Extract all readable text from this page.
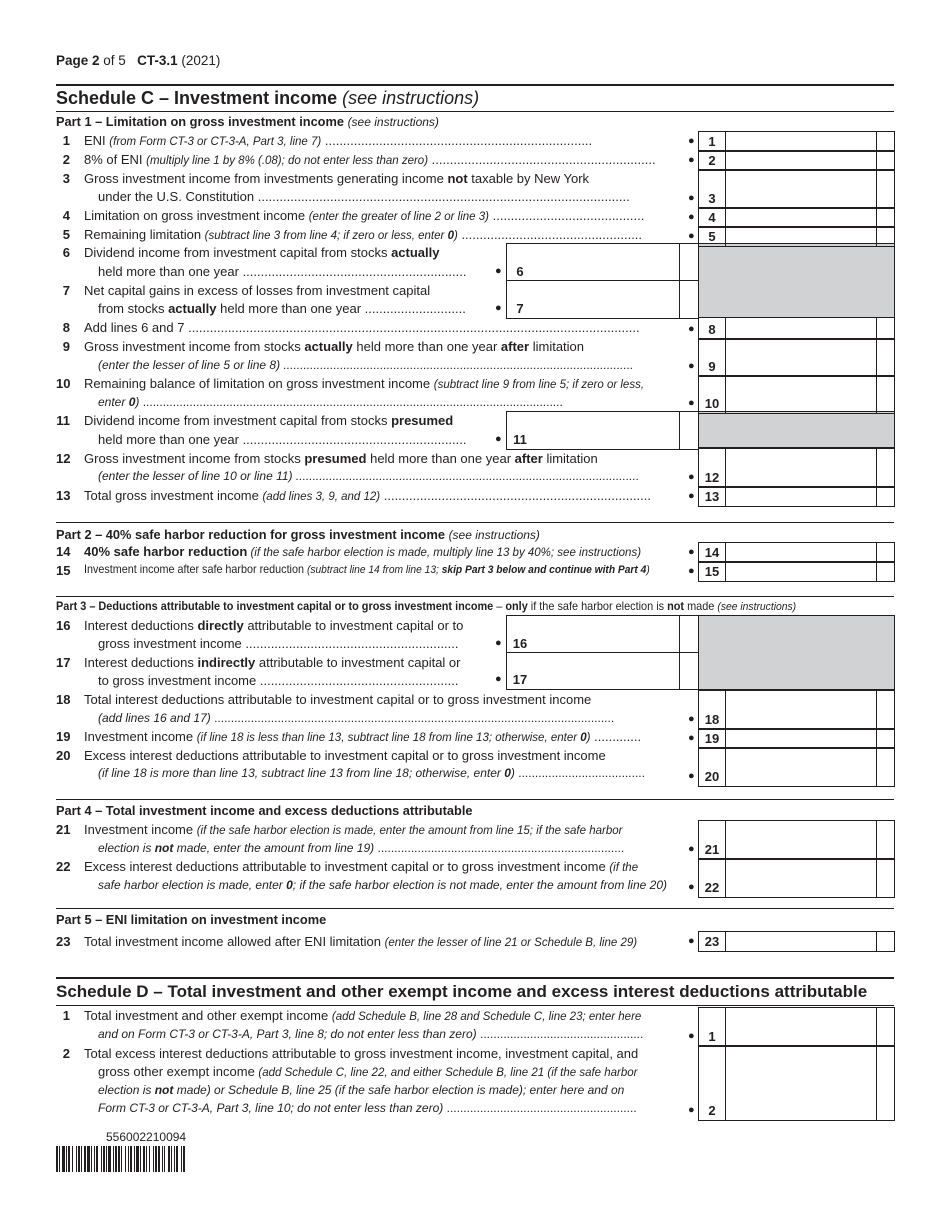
Page 2 of 5 CT-3.1 (2021)
Schedule C – Investment income (see instructions)
Part 1 – Limitation on gross investment income (see instructions)
1 ENI (from Form CT-3 or CT-3-A, Part 3, line 7) ..........................................................................
2 8% of ENI (multiply line 1 by 8% (.08); do not enter less than zero) ..............................................................
3 Gross investment income from investments generating income not taxable by New York
under the U.S. Constitution .......................................................................................................
4 Limitation on gross investment income (enter the greater of line 2 or line 3) ..........................................
5 Remaining limitation (subtract line 3 from line 4; if zero or less, enter 0) ..................................................
6 Dividend income from investment capital from stocks actually
held more than one year ..............................................................
7 Net capital gains in excess of losses from investment capital
from stocks actually held more than one year ............................
8 Add lines 6 and 7 .............................................................................................................................
9 Gross investment income from stocks actually held more than one year after limitation
(enter the lesser of line 5 or line 8) .........................................................................................................
10 Remaining balance of limitation on gross investment income (subtract line 9 from line 5; if zero or less,
enter 0) ..............................................................................................................................
11 Dividend income from investment capital from stocks presumed
held more than one year ..............................................................
12 Gross investment income from stocks presumed held more than one year after limitation
(enter the lesser of line 10 or line 11) .......................................................................................................
13 Total gross investment income (add lines 3, 9, and 12) ..........................................................................
Part 2 – 40% safe harbor reduction for gross investment income (see instructions)
14 40% safe harbor reduction (if the safe harbor election is made, multiply line 13 by 40%; see instructions)
15 Investment income after safe harbor reduction (subtract line 14 from line 13; skip Part 3 below and continue with Part 4)
Part 3 – Deductions attributable to investment capital or to gross investment income – only if the safe harbor election is not made (see instructions)
16 Interest deductions directly attributable to investment capital or to
gross investment income ...........................................................
17 Interest deductions indirectly attributable to investment capital or
to gross investment income .......................................................
18 Total interest deductions attributable to investment capital or to gross investment income
(add lines 16 and 17) ........................................................................................................................
19 Investment income (if line 18 is less than line 13, subtract line 18 from line 13; otherwise, enter 0) .............
20 Excess interest deductions attributable to investment capital or to gross investment income
(if line 18 is more than line 13, subtract line 13 from line 18; otherwise, enter 0) ......................................
Part 4 – Total investment income and excess deductions attributable
21 Investment income (if the safe harbor election is made, enter the amount from line 15; if the safe harbor
election is not made, enter the amount from line 19) ..........................................................................
22 Excess interest deductions attributable to investment capital or to gross investment income (if the
safe harbor election is made, enter 0; if the safe harbor election is not made, enter the amount from line 20)
Part 5 – ENI limitation on investment income
23 Total investment income allowed after ENI limitation (enter the lesser of line 21 or Schedule B, line 29)
Schedule D – Total investment and other exempt income and excess interest deductions attributable
1 Total investment and other exempt income (add Schedule B, line 28 and Schedule C, line 23; enter here
and on Form CT-3 or CT-3-A, Part 3, line 8; do not enter less than zero) .................................................
2 Total excess interest deductions attributable to gross investment income, investment capital, and
gross other exempt income (add Schedule C, line 22, and either Schedule B, line 21 (if the safe harbor
election is not made) or Schedule B, line 25 (if the safe harbor election is made); enter here and on
Form CT-3 or CT-3-A, Part 3, line 10; do not enter less than zero) .........................................................
1
●
2
●
3
●
4
●
5
●
8
●
9
●
10
●
12
●
13
●
14
●
15
●
18
●
19
●
20
●
21
●
22
●
23
●
6
●
7
●
11
●
16
●
17
●
1
●
2
●
556002210094
